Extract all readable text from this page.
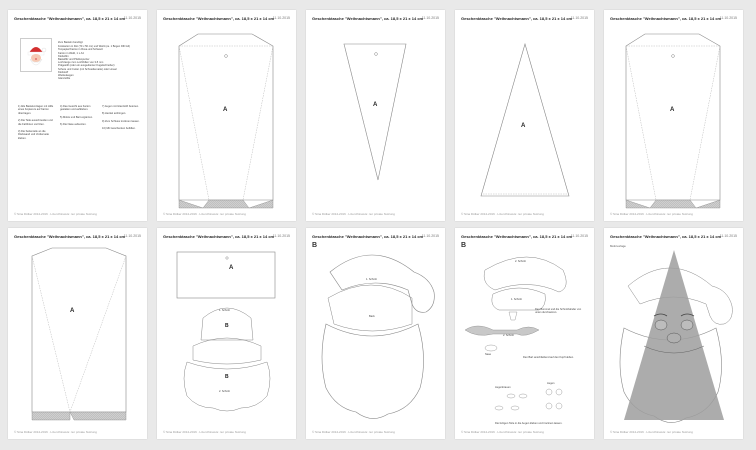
Geschenktasche "Weihnachtsmann", ca. 18,5 x 21 x 14 cm
11.10.2015
Zum Basteln benötigt:
Fotokarton in Rot (70 x 50 cm) und Weiß (ca. 1 Bogen DIN A4)
Tonpapier/Karton in Rosa und Schwarz
Karton in Weiß, 1 x A4
Klebefilm
Bastelfilz und Pfeifenputzer
Lochzange zum Lochfüllen von 3-5 mm
Prägestift (oder ein ausgedienter Kugelschreiber)
Schere und Cutter (mit Schneidematte) oder Lineal
Klebstoff
Wackelaugen
Glanzstifte
1) Alle Bastelvorlagen mit Hilfe eines Kopierers auf Karton übertragen.
2) Die Teile ausschneiden und die Falzlinien vorritzen.
3) Die Seitenteile an die Rückwand und Vorderseite kleben.
4) Das Gesicht aus Karton gestalten und aufkleben.
5) Mütze und Bart ergänzen.
6) Die Nase aufsetzen.
7) Augen mit Glanzstift betonen.
8) Henkel anbringen.
9) Zum Schluss trocknen lassen.
10) Mit Geschenken befüllen.
© Sina Dölker 2014-2016 · Lizenzhinweis: nur private Nutzung
Geschenktasche "Weihnachtsmann", ca. 18,5 x 21 x 14 cm
11.10.2015
A
© Sina Dölker 2014-2016 · Lizenzhinweis: nur private Nutzung
Geschenktasche "Weihnachtsmann", ca. 18,5 x 21 x 14 cm
11.10.2015
A
© Sina Dölker 2014-2016 · Lizenzhinweis: nur private Nutzung
Geschenktasche "Weihnachtsmann", ca. 18,5 x 21 x 14 cm
11.10.2015
A
© Sina Dölker 2014-2016 · Lizenzhinweis: nur private Nutzung
Geschenktasche "Weihnachtsmann", ca. 18,5 x 21 x 14 cm
11.10.2015
A
© Sina Dölker 2014-2016 · Lizenzhinweis: nur private Nutzung
Geschenktasche "Weihnachtsmann", ca. 18,5 x 21 x 14 cm
11.10.2015
A
© Sina Dölker 2014-2016 · Lizenzhinweis: nur private Nutzung
Geschenktasche "Weihnachtsmann", ca. 18,5 x 21 x 14 cm
11.10.2015
A
B
B
1. Schnitt
2. Schnitt
© Sina Dölker 2014-2016 · Lizenzhinweis: nur private Nutzung
Geschenktasche "Weihnachtsmann", ca. 18,5 x 21 x 14 cm
11.10.2015
B
1. Schnitt
Back
© Sina Dölker 2014-2016 · Lizenzhinweis: nur private Nutzung
Geschenktasche "Weihnachtsmann", ca. 18,5 x 21 x 14 cm
11.10.2015
B
2. Schnitt
1. Schnitt
2. Schnitt
Den Bommel und die Schnürbänder von unten durchsetzen.
Den Bart anschließend auf den Kopf kleben.
Augenbrauen
Augen
Nase
Die fertigen Teile in die Augen kleben und trocknen lassen.
© Sina Dölker 2014-2016 · Lizenzhinweis: nur private Nutzung
Geschenktasche "Weihnachtsmann", ca. 18,5 x 21 x 14 cm
11.10.2015
Motivvorlage
© Sina Dölker 2014-2016 · Lizenzhinweis: nur private Nutzung
